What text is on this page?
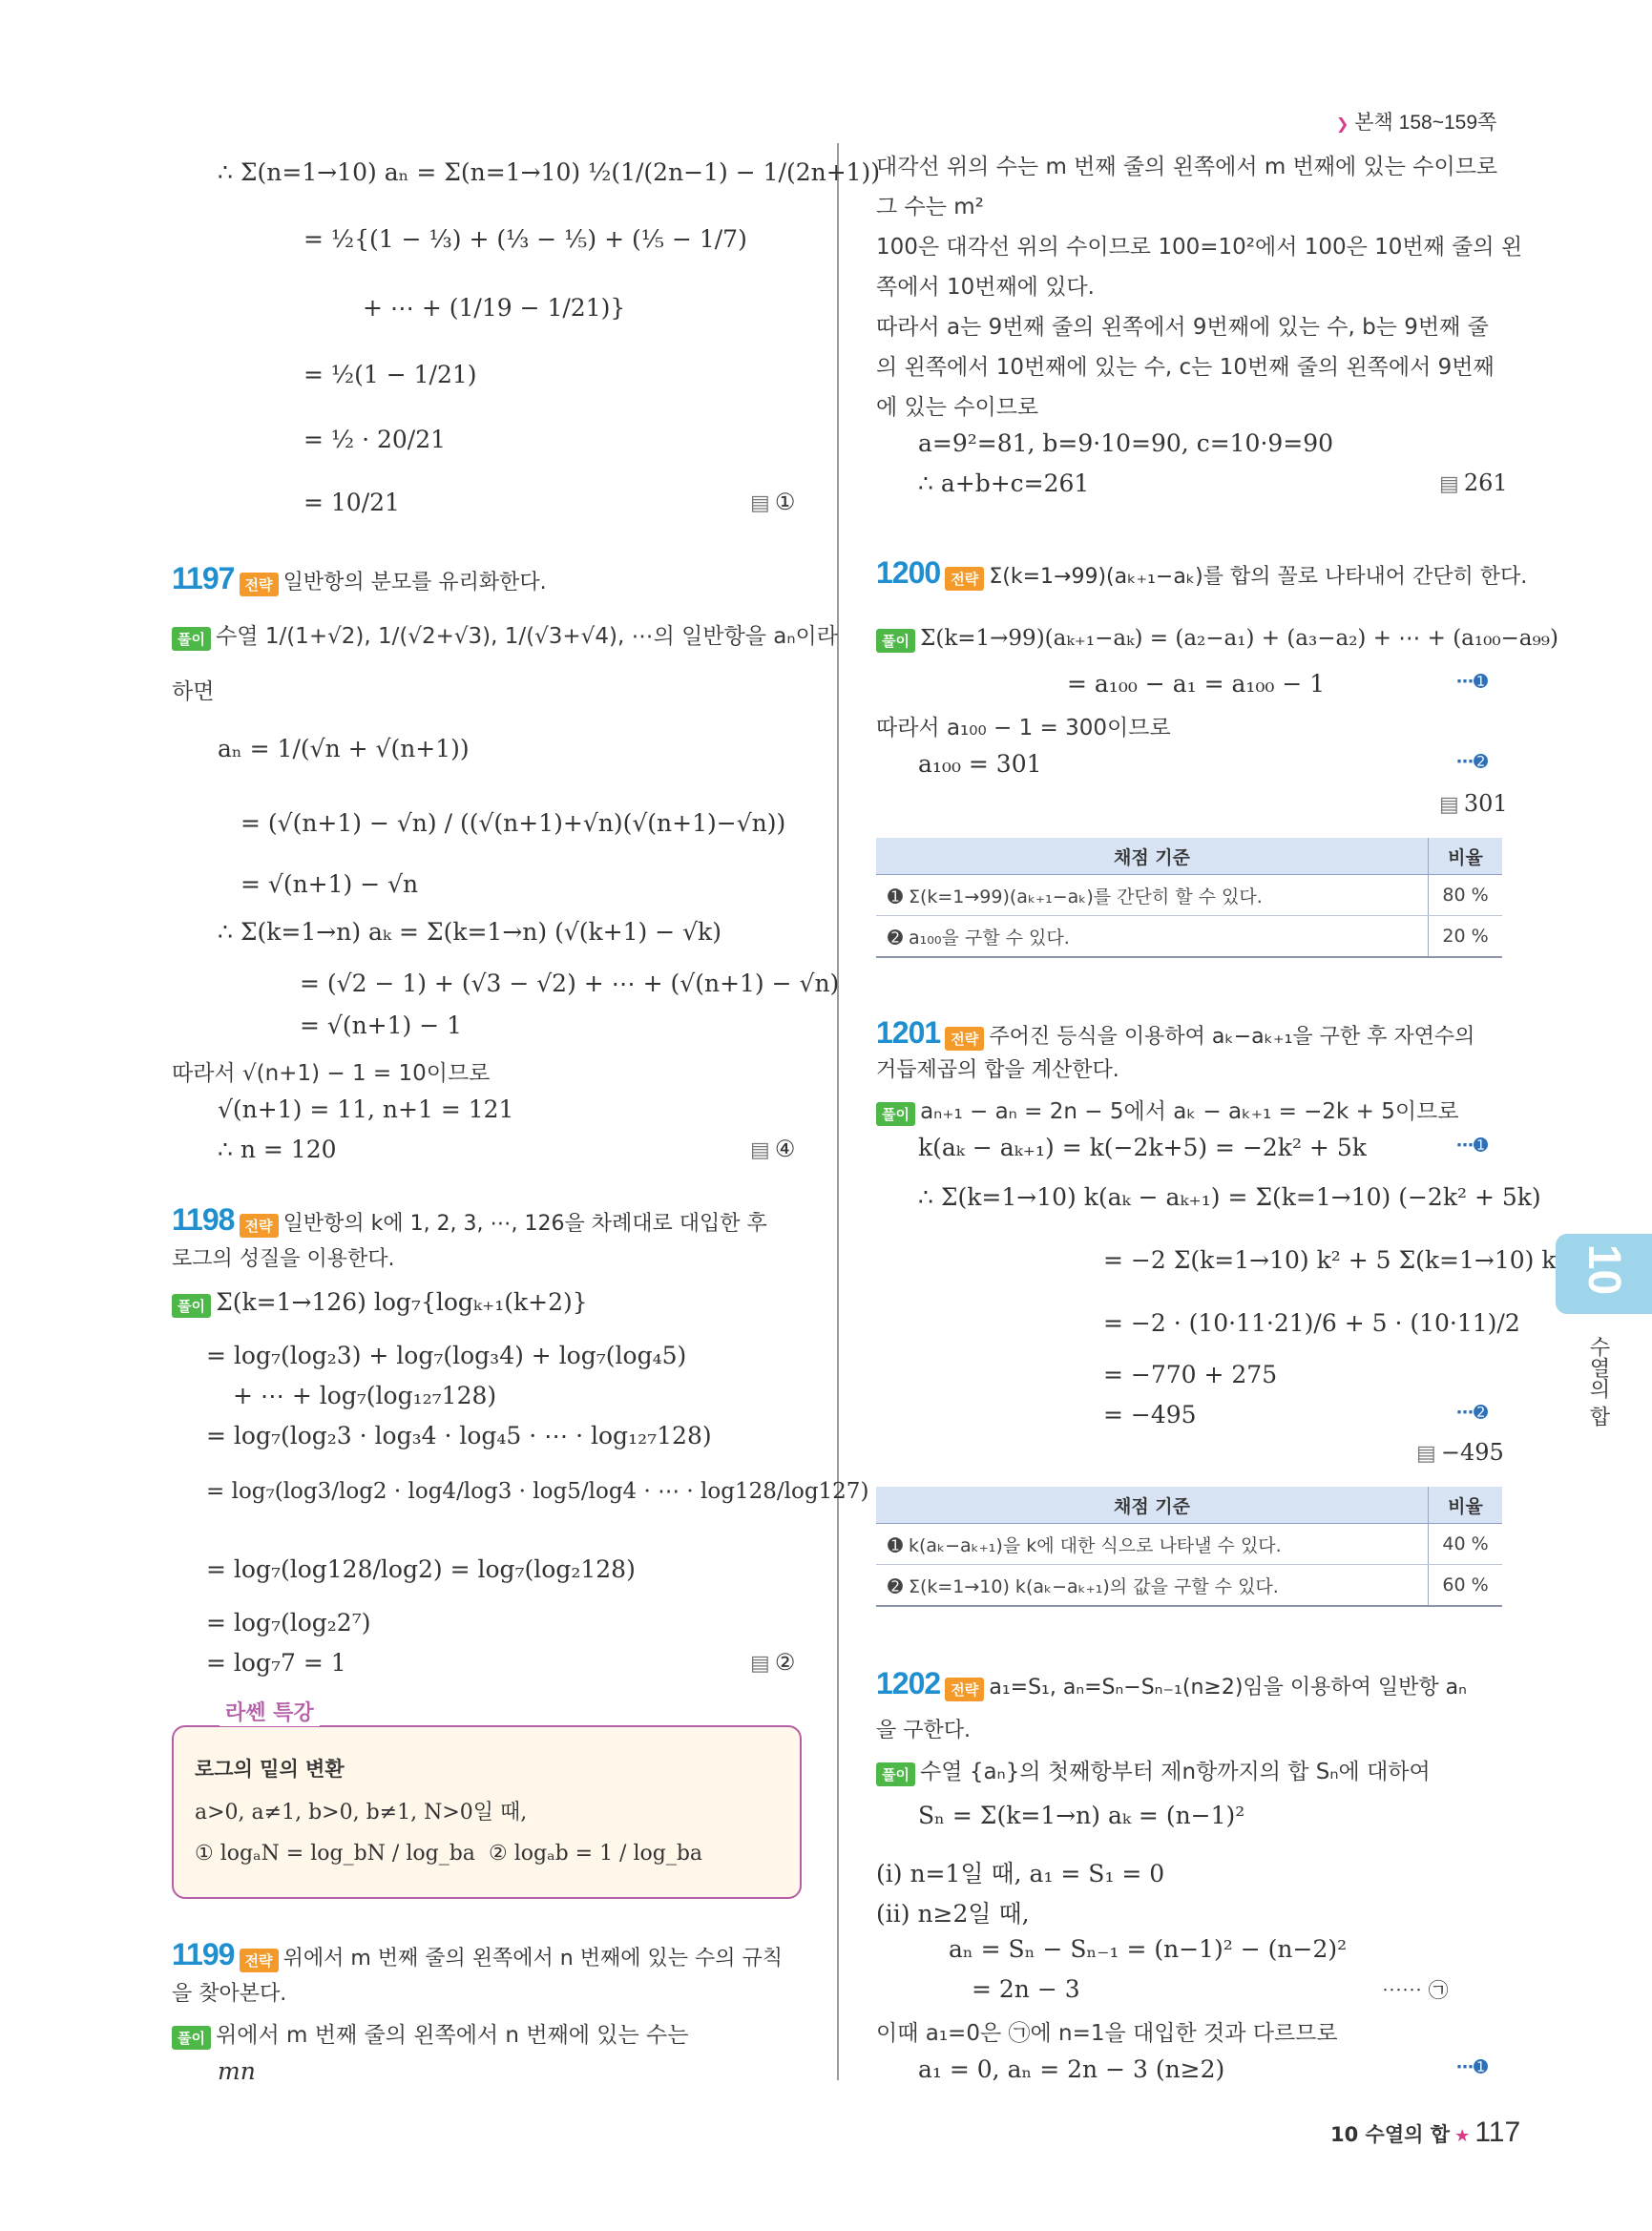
❯ 본책 158~159쪽
∴ Σ(n=1→10) aₙ = Σ(n=1→10) ½(1/(2n−1) − 1/(2n+1))
= ½{(1 − ⅓) + (⅓ − ⅕) + (⅕ − 1/7)
+ ⋯ + (1/19 − 1/21)}
= ½(1 − 1/21)
= ½ · 20/21
= 10/21	▤ ①
1197 전략 일반항의 분모를 유리화한다.
풀이 수열 1/(1+√2), 1/(√2+√3), 1/(√3+√4), ⋯의 일반항을 aₙ이라
하면
aₙ = 1/(√n + √(n+1))
= (√(n+1) − √n) / ((√(n+1)+√n)(√(n+1)−√n))
= √(n+1) − √n
∴ Σ(k=1→n) aₖ = Σ(k=1→n) (√(k+1) − √k)
= (√2 − 1) + (√3 − √2) + ⋯ + (√(n+1) − √n)
= √(n+1) − 1
따라서 √(n+1) − 1 = 10이므로
√(n+1) = 11, n+1 = 121
∴ n = 120	▤ ④
1198 전략 일반항의 k에 1, 2, 3, ⋯, 126을 차례대로 대입한 후
로그의 성질을 이용한다.
풀이 Σ(k=1→126) log₇{logₖ₊₁(k+2)}
= log₇(log₂3) + log₇(log₃4) + log₇(log₄5)
+ ⋯ + log₇(log₁₂₇128)
= log₇(log₂3 · log₃4 · log₄5 · ⋯ · log₁₂₇128)
= log₇(log3/log2 · log4/log3 · log5/log4 · ⋯ · log128/log127)
= log₇(log128/log2) = log₇(log₂128)
= log₇(log₂2⁷)
= log₇7 = 1	▤ ②
라쎈 특강
로그의 밑의 변환
a>0, a≠1, b>0, b≠1, N>0일 때,
① logₐN = log_bN / log_ba ② logₐb = 1 / log_ba
1199 전략 위에서 m 번째 줄의 왼쪽에서 n 번째에 있는 수의 규칙
을 찾아본다.
풀이 위에서 m 번째 줄의 왼쪽에서 n 번째에 있는 수는
mn
대각선 위의 수는 m 번째 줄의 왼쪽에서 m 번째에 있는 수이므로
그 수는 m²
100은 대각선 위의 수이므로 100=10²에서 100은 10번째 줄의 왼
쪽에서 10번째에 있다.
따라서 a는 9번째 줄의 왼쪽에서 9번째에 있는 수, b는 9번째 줄
의 왼쪽에서 10번째에 있는 수, c는 10번째 줄의 왼쪽에서 9번째
에 있는 수이므로
a=9²=81, b=9·10=90, c=10·9=90
∴ a+b+c=261	▤ 261
1200 전략 Σ(k=1→99)(aₖ₊₁−aₖ)를 합의 꼴로 나타내어 간단히 한다.
풀이 Σ(k=1→99)(aₖ₊₁−aₖ) = (a₂−a₁) + (a₃−a₂) + ⋯ + (a₁₀₀−a₉₉)
= a₁₀₀ − a₁ = a₁₀₀ − 1	⋯➊
따라서 a₁₀₀ − 1 = 300이므로
a₁₀₀ = 301	⋯➋
▤ 301
채점 기준	비율
➊ Σ(k=1→99)(aₖ₊₁−aₖ)를 간단히 할 수 있다.	80 %
➋ a₁₀₀을 구할 수 있다.	20 %
1201 전략 주어진 등식을 이용하여 aₖ−aₖ₊₁을 구한 후 자연수의
거듭제곱의 합을 계산한다.
풀이 aₙ₊₁ − aₙ = 2n − 5에서 aₖ − aₖ₊₁ = −2k + 5이므로
k(aₖ − aₖ₊₁) = k(−2k+5) = −2k² + 5k	⋯➊
∴ Σ(k=1→10) k(aₖ − aₖ₊₁) = Σ(k=1→10) (−2k² + 5k)
= −2 Σ(k=1→10) k² + 5 Σ(k=1→10) k
= −2 · (10·11·21)/6 + 5 · (10·11)/2
= −770 + 275
= −495	⋯➋
▤ −495
채점 기준	비율
➊ k(aₖ−aₖ₊₁)을 k에 대한 식으로 나타낼 수 있다.	40 %
➋ Σ(k=1→10) k(aₖ−aₖ₊₁)의 값을 구할 수 있다.	60 %
1202 전략 a₁=S₁, aₙ=Sₙ−Sₙ₋₁(n≥2)임을 이용하여 일반항 aₙ
을 구한다.
풀이 수열 {aₙ}의 첫째항부터 제n항까지의 합 Sₙ에 대하여
Sₙ = Σ(k=1→n) aₖ = (n−1)²
(i) n=1일 때, a₁ = S₁ = 0
(ii) n≥2일 때,
aₙ = Sₙ − Sₙ₋₁ = (n−1)² − (n−2)²
= 2n − 3	⋯⋯ ㉠
이때 a₁=0은 ㉠에 n=1을 대입한 것과 다르므로
a₁ = 0, aₙ = 2n − 3 (n≥2)	⋯➊
10
수열의 합
10 수열의 합 ★ 117
